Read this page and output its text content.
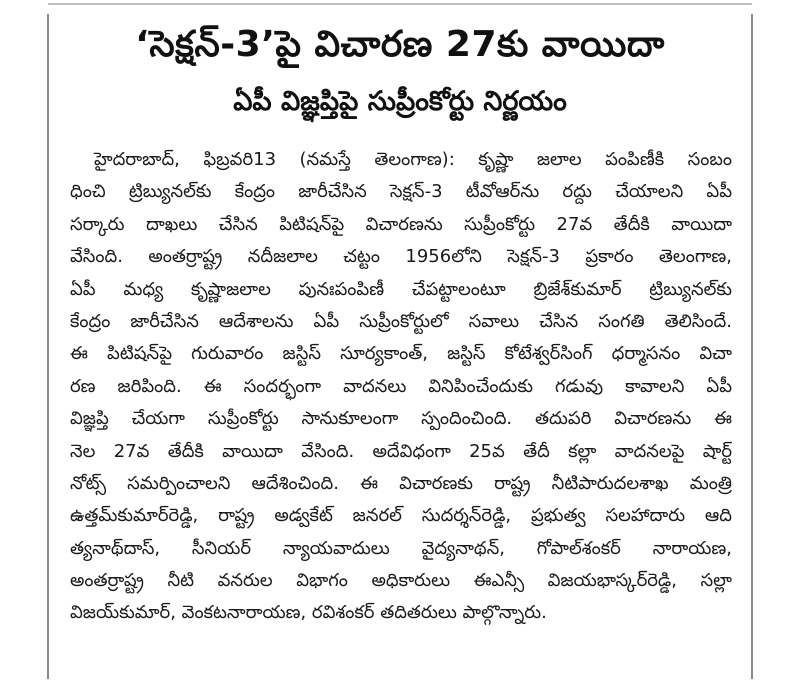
‘సెక్షన్-3’పై విచారణ 27కు వాయిదా
ఏపీ విజ్ఞప్తిపై సుప్రీంకోర్టు నిర్ణయం
హైదరాబాద్, ఫిబ్రవరి13 (నమస్తే తెలంగాణ): కృష్ణా జలాల పంపిణీకి సంబం
ధించి ట్రిబ్యునల్‌కు కేంద్రం జారీచేసిన సెక్షన్-3 టీవోఆర్‌ను రద్దు చేయాలని ఏపీ
సర్కారు దాఖలు చేసిన పిటిషన్‌పై విచారణను సుప్రీంకోర్టు 27వ తేదీకి వాయిదా
వేసింది. అంతర్రాష్ట్ర నదీజలాల చట్టం 1956లోని సెక్షన్-3 ప్రకారం తెలంగాణ,
ఏపీ మధ్య కృష్ణాజలాల పునఃపంపిణీ చేపట్టాలంటూ బ్రిజేశ్‌కుమార్ ట్రిబ్యునల్‌కు
కేంద్రం జారీచేసిన ఆదేశాలను ఏపీ సుప్రీంకోర్టులో సవాలు చేసిన సంగతి తెలిసిందే.
ఈ పిటిషన్‌పై గురువారం జస్టిస్ సూర్యకాంత్, జస్టిస్ కోటేశ్వర్‌సింగ్ ధర్మాసనం విచా
రణ జరిపింది. ఈ సందర్భంగా వాదనలు వినిపించేందుకు గడువు కావాలని ఏపీ
విజ్ఞప్తి చేయగా సుప్రీంకోర్టు సానుకూలంగా స్పందించింది. తదుపరి విచారణను ఈ
నెల 27వ తేదీకి వాయిదా వేసింది. అదేవిధంగా 25వ తేదీ కల్లా వాదనలపై షార్ట్
నోట్స్ సమర్పించాలని ఆదేశించింది. ఈ విచారణకు రాష్ట్ర నీటిపారుదలశాఖ మంత్రి
ఉత్తమ్‌కుమార్‌రెడ్డి, రాష్ట్ర అడ్వకేట్ జనరల్ సుదర్శన్‌రెడ్డి, ప్రభుత్వ సలహాదారు ఆది
త్యనాథ్‌దాస్, సీనియర్ న్యాయవాదులు వైద్యనాథన్, గోపాల్‌శంకర్ నారాయణ,
అంతర్రాష్ట్ర నీటి వనరుల విభాగం అధికారులు ఈఎన్సీ విజయభాస్కర్‌రెడ్డి, సల్లా
విజయ్‌కుమార్, వెంకటనారాయణ, రవిశంకర్ తదితరులు పాల్గొన్నారు.
